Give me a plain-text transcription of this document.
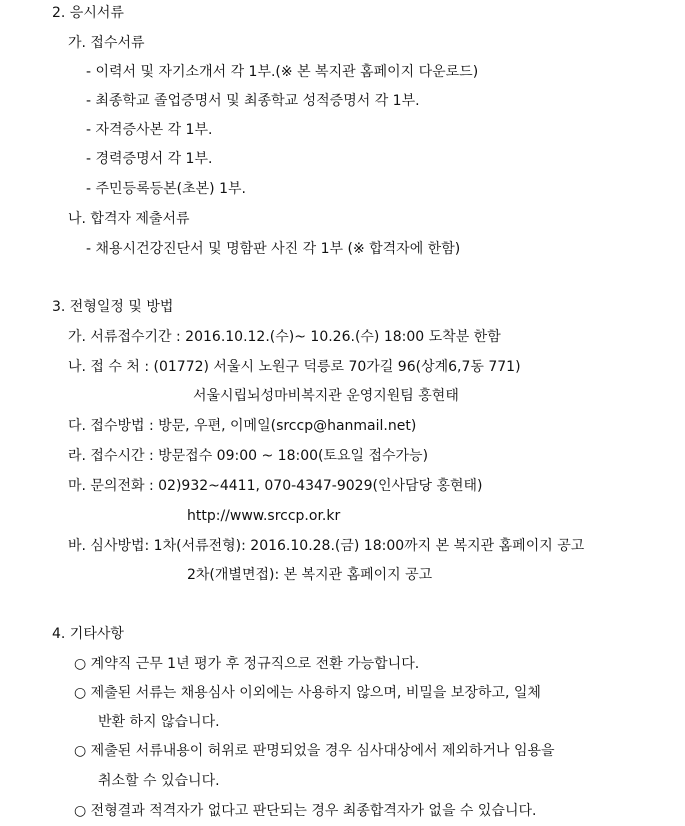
2. 응시서류
가. 접수서류
- 이력서 및 자기소개서 각 1부.(※ 본 복지관 홈페이지 다운로드)
- 최종학교 졸업증명서 및 최종학교 성적증명서 각 1부.
- 자격증사본 각 1부.
- 경력증명서 각 1부.
- 주민등록등본(초본) 1부.
나. 합격자 제출서류
- 채용시건강진단서 및 명함판 사진 각 1부 (※ 합격자에 한함)
3. 전형일정 및 방법
가. 서류접수기간 : 2016.10.12.(수)~ 10.26.(수) 18:00 도착분 한함
나. 접 수 처 : (01772) 서울시 노원구 덕릉로 70가길 96(상계6,7동 771)
서울시립뇌성마비복지관 운영지원팀 홍현태
다. 접수방법 : 방문, 우편, 이메일(srccp@hanmail.net)
라. 접수시간 : 방문접수 09:00 ~ 18:00(토요일 접수가능)
마. 문의전화 : 02)932~4411, 070-4347-9029(인사담당 홍현태)
http://www.srccp.or.kr
바. 심사방법: 1차(서류전형): 2016.10.28.(금) 18:00까지 본 복지관 홈페이지 공고
2차(개별면접): 본 복지관 홈페이지 공고
4. 기타사항
○ 계약직 근무 1년 평가 후 정규직으로 전환 가능합니다.
○ 제출된 서류는 채용심사 이외에는 사용하지 않으며, 비밀을 보장하고, 일체
반환 하지 않습니다.
○ 제출된 서류내용이 허위로 판명되었을 경우 심사대상에서 제외하거나 임용을
취소할 수 있습니다.
○ 전형결과 적격자가 없다고 판단되는 경우 최종합격자가 없을 수 있습니다.
